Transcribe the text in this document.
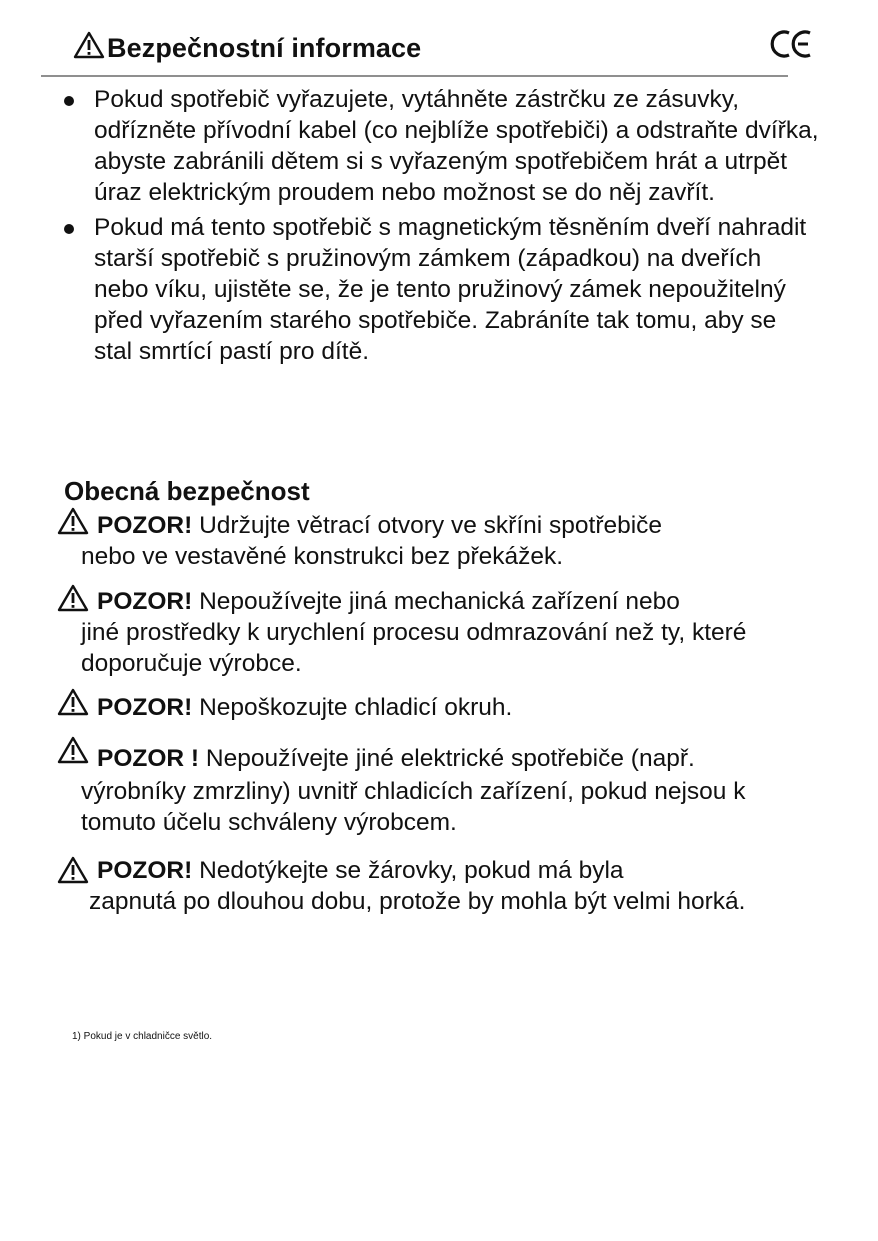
Bezpečnostní informace
Pokud spotřebič vyřazujete, vytáhněte zástrčku ze zásuvky, odřízněte přívodní kabel (co nejblíže spotřebiči) a odstraňte dvířka, abyste zabránili dětem si s vyřazeným spotřebičem hrát a utrpět úraz elektrickým proudem nebo možnost se do něj zavřít.
Pokud má tento spotřebič s magnetickým těsněním dveří nahradit starší spotřebič s pružinovým zámkem (západkou) na dveřích nebo víku, ujistěte se, že je tento pružinový zámek nepoužitelný před vyřazením starého spotřebiče. Zabráníte tak tomu, aby se stal smrtící pastí pro dítě.
Obecná bezpečnost
POZOR! Udržujte větrací otvory ve skříni spotřebiče
nebo ve vestavěné konstrukci bez překážek.
POZOR! Nepoužívejte jiná mechanická zařízení nebo
jiné prostředky k urychlení procesu odmrazování než ty, které doporučuje výrobce.
POZOR! Nepoškozujte chladicí okruh.
POZOR ! Nepoužívejte jiné elektrické spotřebiče (např.
výrobníky zmrzliny) uvnitř chladicích zařízení, pokud nejsou k tomuto účelu schváleny výrobcem.
POZOR! Nedotýkejte se žárovky, pokud má byla
zapnutá po dlouhou dobu, protože by mohla být velmi horká.
1) Pokud je v chladničce světlo.
